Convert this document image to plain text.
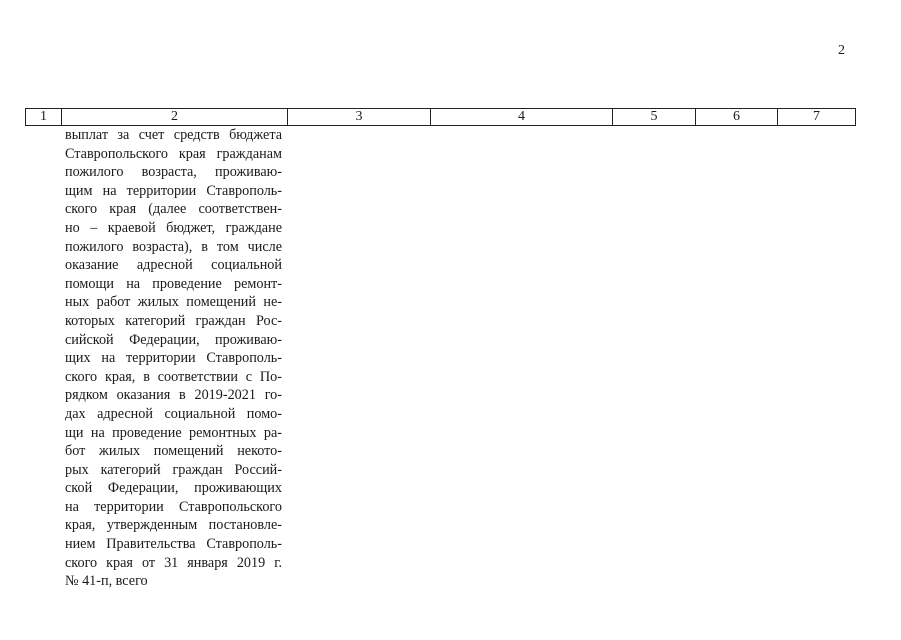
2
1	2	3	4	5	6	7
выплат за счет средств бюджета
Ставропольского края гражданам
пожилого возраста, проживаю-
щим на территории Ставрополь-
ского края (далее соответствен-
но – краевой бюджет, граждане
пожилого возраста), в том числе
оказание адресной социальной
помощи на проведение ремонт-
ных работ жилых помещений не-
которых категорий граждан Рос-
сийской Федерации, проживаю-
щих на территории Ставрополь-
ского края, в соответствии с По-
рядком оказания в 2019-2021 го-
дах адресной социальной помо-
щи на проведение ремонтных ра-
бот жилых помещений некото-
рых категорий граждан Россий-
ской Федерации, проживающих
на территории Ставропольского
края, утвержденным постановле-
нием Правительства Ставрополь-
ского края от 31 января 2019 г.
№ 41-п, всего
